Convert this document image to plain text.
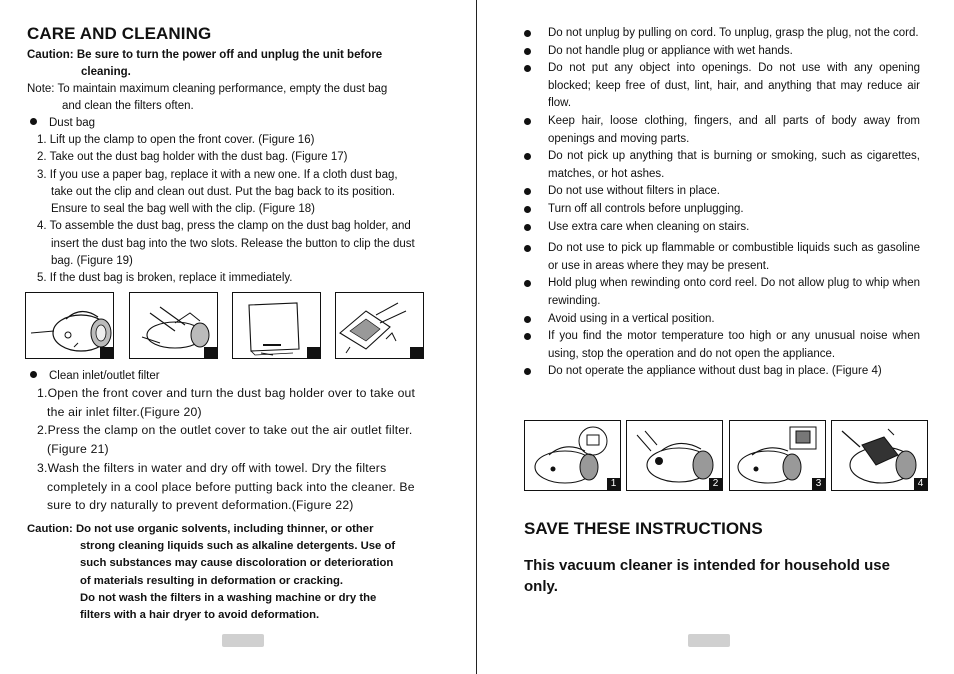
CARE AND CLEANING
Caution: Be sure to turn the power off and unplug the unit before
cleaning.
Note: To maintain maximum cleaning performance, empty the dust bag
and clean the filters often.
Dust bag
1. Lift up the clamp to open the front cover. (Figure 16)
2. Take out the dust bag holder with the dust bag. (Figure 17)
3. If you use a paper bag, replace it with a new one. If a cloth dust bag, take out the clip and clean out dust. Put the bag back to its position. Ensure to seal the bag well with the clip. (Figure 18)
4. To assemble the dust bag, press the clamp on the dust bag holder, and insert the dust bag into the two slots. Release the button to clip the dust bag. (Figure 19)
5. If the dust bag is broken, replace it immediately.
Clean inlet/outlet filter
1.Open the front cover and turn the dust bag holder over to take out the air inlet filter.(Figure 20)
2.Press the clamp on the outlet cover to take out the air outlet filter. (Figure 21)
3.Wash the filters in water and dry off with towel. Dry the filters completely in a cool place before putting back into the cleaner. Be sure to dry naturally to prevent deformation.(Figure 22)
Caution: Do not use organic solvents, including thinner, or other
strong cleaning liquids such as alkaline detergents. Use of
such substances may cause discoloration or deterioration
of materials resulting in deformation or cracking.
Do not wash the filters in a washing machine or dry the
filters with a hair dryer to avoid deformation.
Do not unplug by pulling on cord. To unplug, grasp the plug, not the cord.
Do not handle plug or appliance with wet hands.
Do not put any object into openings. Do not use with any opening blocked; keep free of dust, lint, hair, and anything that may reduce air flow.
Keep hair, loose clothing, fingers, and all parts of body away from openings and moving parts.
Do not pick up anything that is burning or smoking, such as cigarettes, matches, or hot ashes.
Do not use without filters in place.
Turn off all controls before unplugging.
Use extra care when cleaning on stairs.
Do not use to pick up flammable or combustible liquids such as gasoline or use in areas where they may be present.
Hold plug when rewinding onto cord reel. Do not allow plug to whip when rewinding.
Avoid using in a vertical position.
If you find the motor temperature too high or any unusual noise when using, stop the operation and do not open the appliance.
Do not operate the appliance without dust bag in place. (Figure 4)
1	2	3	4
SAVE THESE INSTRUCTIONS
This vacuum cleaner is intended for household use only.
